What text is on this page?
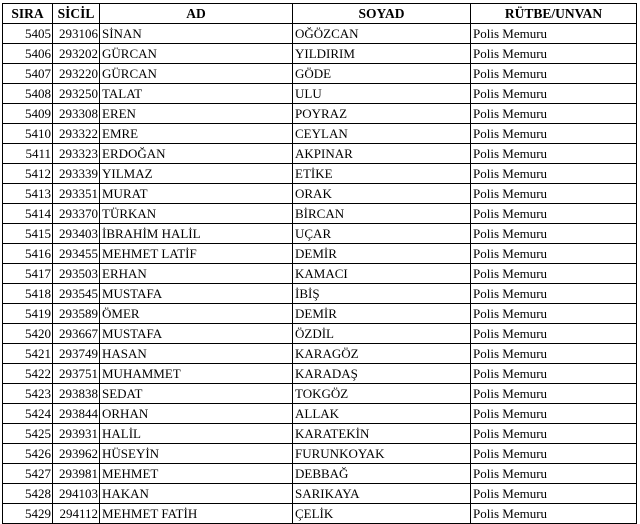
SIRA	SİCİL	AD	SOYAD	RÜTBE/UNVAN
5405	293106	SİNAN	OĞÖZCAN	Polis Memuru
5406	293202	GÜRCAN	YILDIRIM	Polis Memuru
5407	293220	GÜRCAN	GÖDE	Polis Memuru
5408	293250	TALAT	ULU	Polis Memuru
5409	293308	EREN	POYRAZ	Polis Memuru
5410	293322	EMRE	CEYLAN	Polis Memuru
5411	293323	ERDOĞAN	AKPINAR	Polis Memuru
5412	293339	YILMAZ	ETİKE	Polis Memuru
5413	293351	MURAT	ORAK	Polis Memuru
5414	293370	TÜRKAN	BİRCAN	Polis Memuru
5415	293403	İBRAHİM HALİL	UÇAR	Polis Memuru
5416	293455	MEHMET LATİF	DEMİR	Polis Memuru
5417	293503	ERHAN	KAMACI	Polis Memuru
5418	293545	MUSTAFA	İBİŞ	Polis Memuru
5419	293589	ÖMER	DEMİR	Polis Memuru
5420	293667	MUSTAFA	ÖZDİL	Polis Memuru
5421	293749	HASAN	KARAGÖZ	Polis Memuru
5422	293751	MUHAMMET	KARADAŞ	Polis Memuru
5423	293838	SEDAT	TOKGÖZ	Polis Memuru
5424	293844	ORHAN	ALLAK	Polis Memuru
5425	293931	HALİL	KARATEKİN	Polis Memuru
5426	293962	HÜSEYİN	FURUNKOYAK	Polis Memuru
5427	293981	MEHMET	DEBBAĞ	Polis Memuru
5428	294103	HAKAN	SARIKAYA	Polis Memuru
5429	294112	MEHMET FATİH	ÇELİK	Polis Memuru
